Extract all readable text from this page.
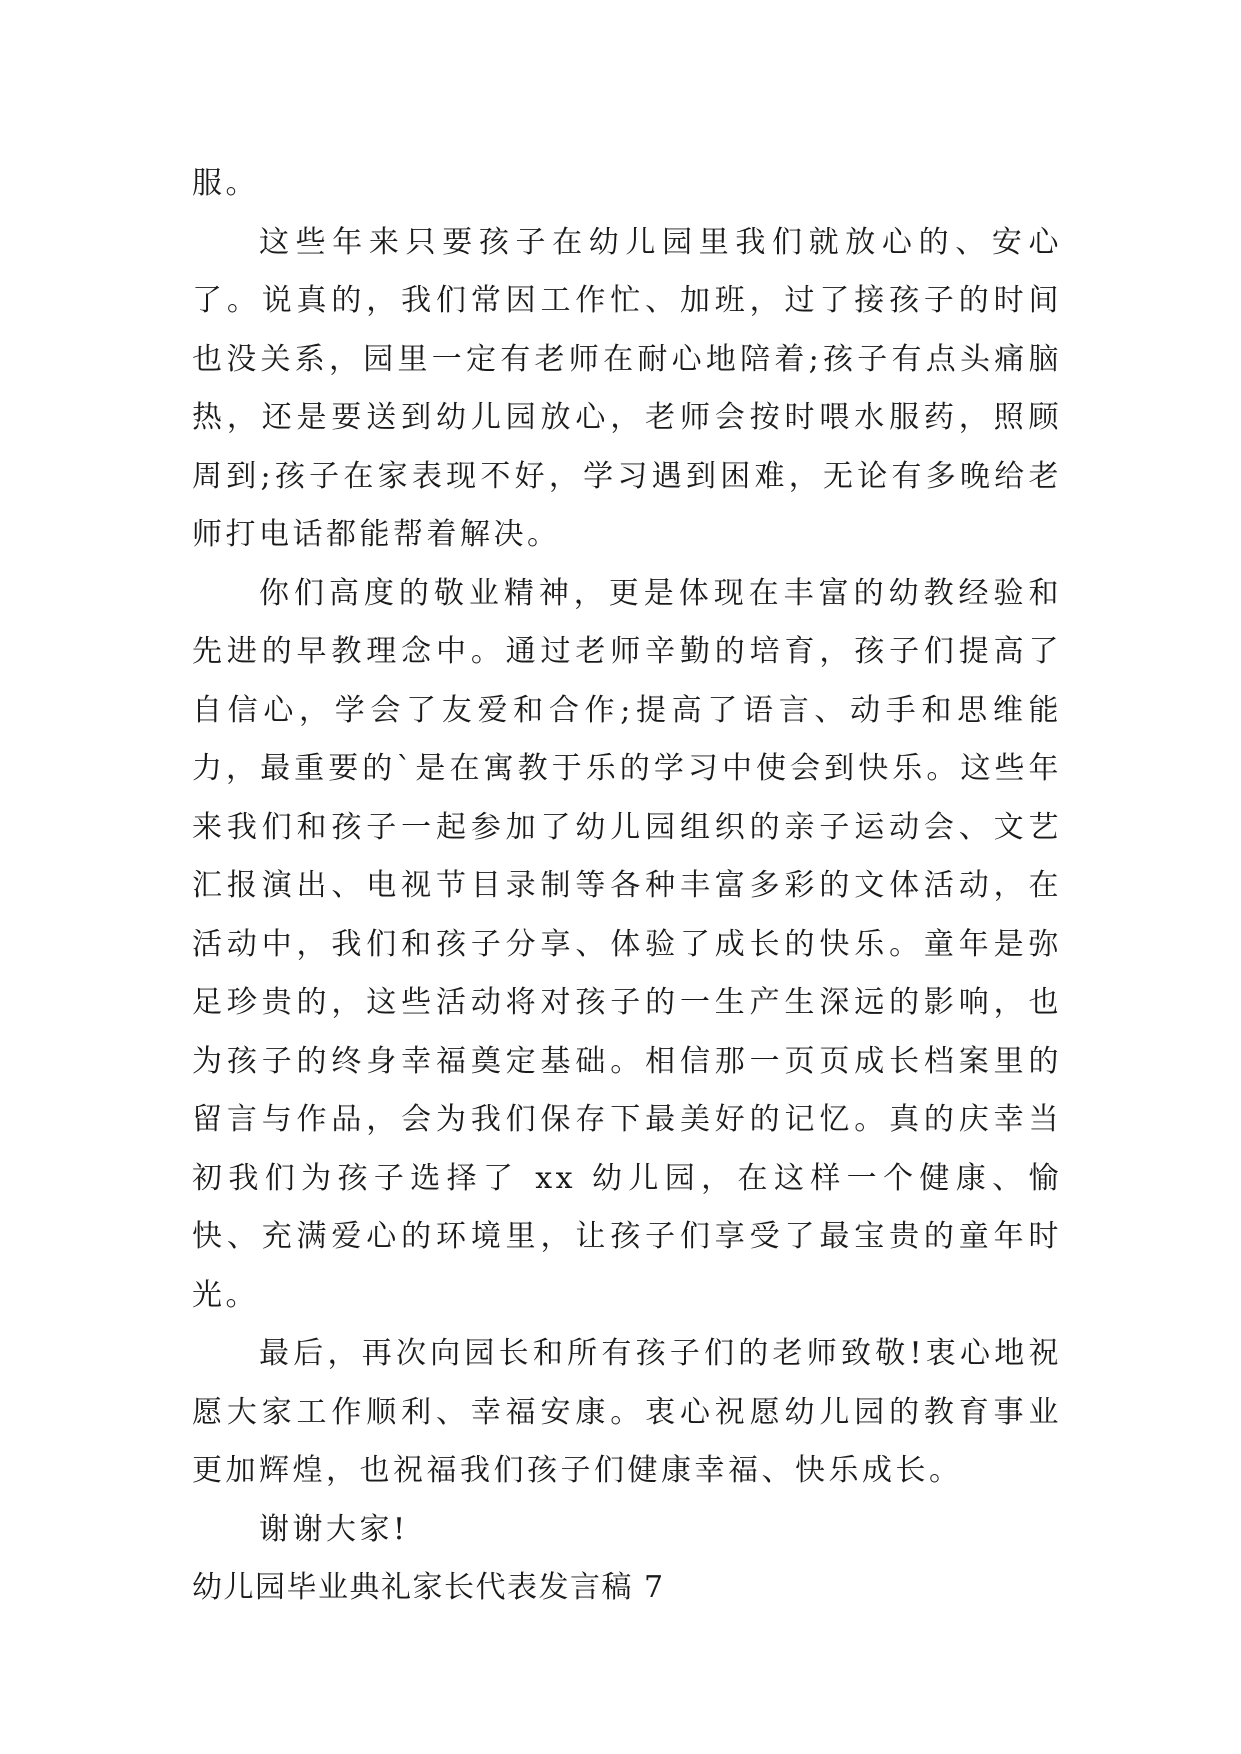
服。

这些年来只要孩子在幼儿园里我们就放心的、安心了。说真的，我们常因工作忙、加班，过了接孩子的时间也没关系，园里一定有老师在耐心地陪着;孩子有点头痛脑热，还是要送到幼儿园放心，老师会按时喂水服药，照顾周到;孩子在家表现不好，学习遇到困难，无论有多晚给老师打电话都能帮着解决。

你们高度的敬业精神，更是体现在丰富的幼教经验和先进的早教理念中。通过老师辛勤的培育，孩子们提高了自信心，学会了友爱和合作;提高了语言、动手和思维能力，最重要的`是在寓教于乐的学习中使会到快乐。这些年来我们和孩子一起参加了幼儿园组织的亲子运动会、文艺汇报演出、电视节目录制等各种丰富多彩的文体活动，在活动中，我们和孩子分享、体验了成长的快乐。童年是弥足珍贵的，这些活动将对孩子的一生产生深远的影响，也为孩子的终身幸福奠定基础。相信那一页页成长档案里的留言与作品，会为我们保存下最美好的记忆。真的庆幸当初我们为孩子选择了 xx 幼儿园，在这样一个健康、愉快、充满爱心的环境里，让孩子们享受了最宝贵的童年时光。

最后，再次向园长和所有孩子们的老师致敬!衷心地祝愿大家工作顺利、幸福安康。衷心祝愿幼儿园的教育事业更加辉煌，也祝福我们孩子们健康幸福、快乐成长。

谢谢大家!

幼儿园毕业典礼家长代表发言稿 7
